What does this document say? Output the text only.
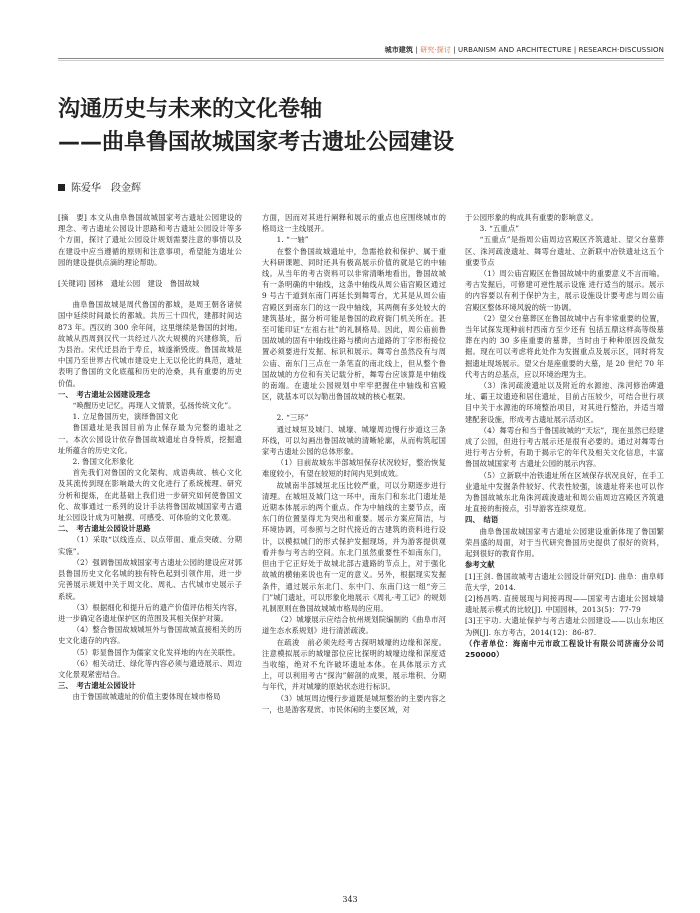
城市建筑 | 研究·探讨 | URBANISM AND ARCHITECTURE | RESEARCH·DISCUSSION
沟通历史与未来的文化卷轴
——曲阜鲁国故城国家考古遗址公园建设
陈爱华　段金辉

[摘　要] 本文从曲阜鲁国故城国家考古遗址公园建设的理念、考古遗址公园设计思路和考古遗址公园设计等多个方面，探讨了遗址公园设计规划需要注意的事情以及在建设中应当遵循的原则和注意事项，希望能为遗址公园的建设提供点滴的理论帮助。

[关键词] 园林　遗址公园　建设　鲁国故城

曲阜鲁国故城是周代鲁国的都城，是周王朝各诸侯国中延续时间最长的都城。共历三十四代，建都时间达 873 年。西汉的 300 余年间，这里继续是鲁国的封地。故城从西周到汉代一共经过八次大规模的兴建修筑，后为县治。宋代迁县治于寿丘，城遂渐毁废。鲁国故城是中国乃至世界古代城市建设史上无以伦比的典范，遗址表明了鲁国的文化底蕴和历史的沧桑，具有重要的历史价值。

一、　考古遗址公园建设理念

“唤醒历史记忆，再现人文情景，弘扬传统文化”。

1. 立足鲁国历史，演绎鲁国文化

鲁国遗址是我国目前为止保存最为完整的遗址之一。本次公园设计依存鲁国故城遗址自身特质，挖掘遗址所蕴含的历史文化。

2. 鲁国文化形象化

首先我们对鲁国的文化架构、成语典故、核心文化及其流传到现在影响最大的文化进行了系统梳理、研究分析和提炼，在此基础上我们进一步研究如何使鲁国文化、故事通过一系列的设计手法将鲁国故城国家考古遗址公园设计成为可触摸、可感受、可体验的文化景观。

二、　考古遗址公园设计思路

（1）采取“以线连点、以点带面、重点突破、分期实施”。

（2）强调鲁国故城国家考古遗址公园的建设应对郭县鲁国历史文化名城的独有特色起到引领作用，进一步完善展示规划中关于周文化、周礼、古代城市史展示子系统。

（3）根据细化和提升后的遗产价值评估相关内容，进一步确定各遗址保护区的范围及其相关保护对策。

（4）整合鲁国故城城垣外与鲁国故城直接相关的历史文化遗存的内容。

（5）彰显鲁国作为儒家文化发祥地的内在关联性。

（6）相关动迁、绿化等内容必须与遗迹展示、周边文化景观紧密结合。

三、　考古遗址公园设计

由于鲁国故城遗址的价值主要体现在城市格局

方面，因而对其进行阐释和展示的重点也应围绕城市的格局这一主线展开。

1. “一轴”

在整个鲁国故城遗址中，急需抢救和保护、属于重大科研课题、同时还具有极高展示价值的就是它的中轴线。从当年的考古资料可以非常清晰地看出，鲁国故城有一条明确的中轴线，这条中轴线从周公庙宫殿区通过 9 号古干道到东南门再延长到舞雩台，尤其是从周公庙宫殿区到南东门的这一段中轴线，其两侧有多处较大的建筑基址，据分析可能是鲁国的政府衙门机关所在。甚至可能印证“左祖右社”的礼制格局。因此，周公庙前鲁国故城的固有中轴线往路与横向古道路的丁字形衔接位置必须要进行发掘、标识和展示。舞雩台虽然没有与周公庙、南东门三点在一条笔直的南北线上，但从整个鲁国故城的方位和有关记载分析，舞雩台应该算是中轴线的南端。在遗址公园规划中牢牢把握住中轴线和宫殿区，就基本可以勾勒出鲁国故城的核心框架。

2. “三环”

通过城垣及城门、城壕、城壕周边慢行步道这三条环线，可以勾画出鲁国故城的清晰轮廓，从而构筑起国家考古遗址公园的总体形象。

（1）目前故城东半部城垣保存状况较好，整治恢复难度较小，有望在较短的时间内见到成效。

故城南半部城垣北压比较严重，可以分期逐步进行清理。在城垣及城门这一环中，南东门和东北门遗址是近期本体展示的两个重点。作为中轴线的主要节点，南东门的位置显得尤为突出和重要。展示方案应简洁，与环境协调，可参照与之时代接近的古建筑的资料进行设计，以模拟城门的形式保护发掘现场，并为游客提供观看并参与考古的空间。东北门虽然重要性不如南东门，但由于它正好处于故城北部古遗路的节点上，对于强化故城的横轴来说也有一定的意义。另外，根据现实发掘条件，通过展示东北门、东中门、东南门这一组“旁三门”城门遗址，可以形象化地展示《周礼·考工记》的规划礼制原则在鲁国故城城市格局的应用。

（2）城壕展示应结合杭州规划院编制的《曲阜市河道生态水系规划》进行清淤疏浚。

在疏浚　前必须先经考古探明城壕的边缘和深度。注意模拟展示的城壕部位应比探明的城壕边缘和深度适　当收缩，绝对不允许破坏遗址本体。在具体展示方式上，可以利用考古“探沟”解剖的成果，展示堆积、分期与年代，并对城壕的原始状态进行标识。

（3）城垣周边慢行步道既是城垣整治的主要内容之一，也是游客观赏、市民休闲的主要区域，对

于公园形象的构成具有重要的影响意义。

3. “五重点”

“五重点”是指周公庙周边宫殿区齐筑遗址、望父台墓葬区、洙河疏浚遗址、舞雩台遗址、立新联中冶铁遗址这五个重要节点

（1）周公庙宫殿区在鲁国故城中的重要意义不言而喻。考古发掘后，可修建可逆性展示设施 进行适当的展示。展示的内容要以有利于保护为主，展示设施设计要考虑与周公庙宫殿区整体环境风貌的统一协调。

（2）望父台墓葬区在鲁国故城中占有非常重要的位置，当年试探发现种前村西南方至少还有 包括五鼎这样高等级墓葬在内的 30 多座重要的墓葬，当时由于种种原因没做发掘。现在可以考虑将此处作为发掘重点及展示区，同时将发掘遗址现场展示。望父台是座重要的大墓，是 20 世纪 70 年代考古的总基点，应以环境治理为主。

（3）洙河疏浚遗址以及附近的水源池、洙河修治碑遗址、霸王坟遗迹和居住遗址，目前占压较少，可结合世行项目中关于水源池的环境整治项目，对其进行整治，并适当增建配套设施，形成考古遗址展示活动区。

（4）舞雩台和当于鲁国故城的“天坛”，现在虽然已经建成了公园，但进行考古展示还是很有必要的。通过对舞雩台进行考古分析，有助于揭示它的年代及相关文化信息，丰富鲁国故城国家考 古遗址公园的展示内容。

（5）立新联中冶铁遗址所在区域保存状况良好，在手工业遗址中发掘条件较好、代表性较强，该遗址将来也可以作为鲁国故城东北角洙河疏浚遗址和周公庙周边宫殿区齐筑遗址直接的衔接点，引导游客连续观览。

四、　结语

曲阜鲁国故城国家考古遗址公园建设重新体现了鲁国繁荣昌盛的局面，对于当代研究鲁国历史提供了很好的资料，起到很好的教育作用。

参考文献

[1]王剑. 鲁国故城考古遗址公园设计研究[D]. 曲阜：曲阜师范大学，2014.

[2]杨昌鸣. 直接展现与间接再现——国家考古遗址公园城墙遗址展示模式的比较[J]. 中国园林，2013(5)：77-79

[3]王宇功. 大遗址保护与考古遗址公园建设——以山东地区为例[J]. 东方考古，2014(12)：86-87.

（作者单位：海南中元市政工程设计有限公司济南分公司 250000）

343
